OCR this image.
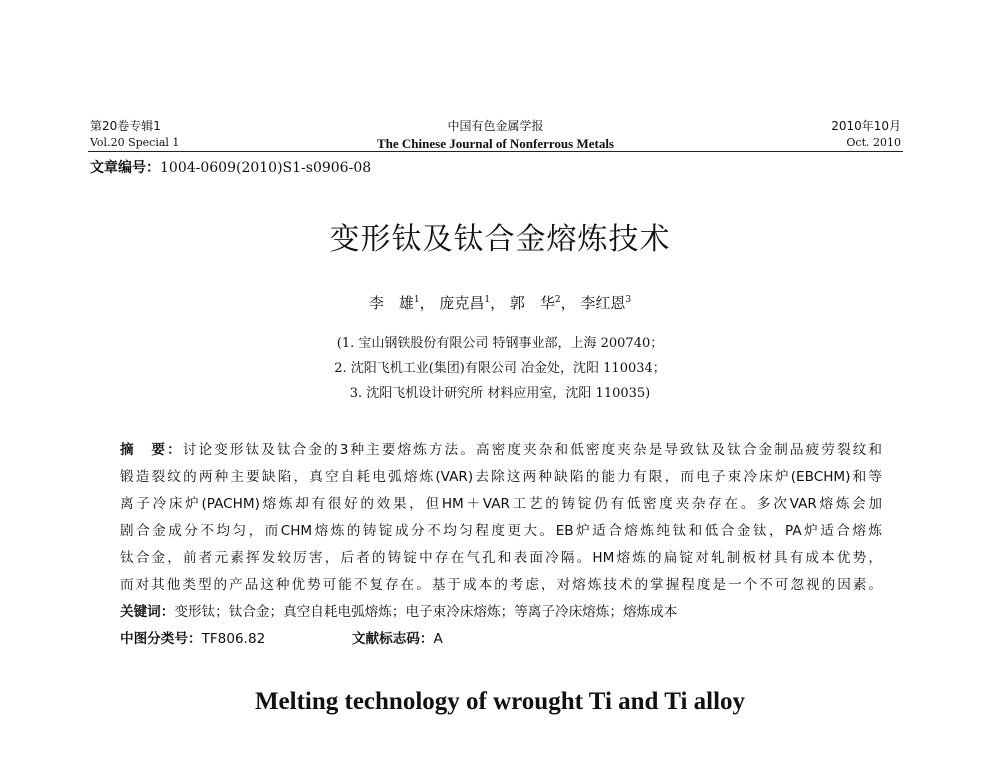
第20卷专辑1	中国有色金属学报	2010年10月
Vol.20 Special 1	The Chinese Journal of Nonferrous Metals	Oct. 2010
文章编号：1004-0609(2010)S1-s0906-08
变形钛及钛合金熔炼技术
李　雄$^1$， 庞克昌$^1$， 郭　华$^2$， 李红恩$^3$
(1. 宝山钢铁股份有限公司 特钢事业部，上海 200740；
2. 沈阳飞机工业(集团)有限公司 冶金处，沈阳 110034；
3. 沈阳飞机设计研究所 材料应用室，沈阳 110035)

摘　要：讨论变形钛及钛合金的3种主要熔炼方法。高密度夹杂和低密度夹杂是导致钛及钛合金制品疲劳裂纹和

锻造裂纹的两种主要缺陷，真空自耗电弧熔炼(VAR)去除这两种缺陷的能力有限，而电子束冷床炉(EBCHM)和等

离子冷床炉(PACHM)熔炼却有很好的效果，但HM＋VAR工艺的铸锭仍有低密度夹杂存在。多次VAR熔炼会加

剧合金成分不均匀，而CHM熔炼的铸锭成分不均匀程度更大。EB炉适合熔炼纯钛和低合金钛，PA炉适合熔炼

钛合金，前者元素挥发较厉害，后者的铸锭中存在气孔和表面冷隔。HM熔炼的扁锭对轧制板材具有成本优势，

而对其他类型的产品这种优势可能不复存在。基于成本的考虑，对熔炼技术的掌握程度是一个不可忽视的因素。

关键词：变形钛；钛合金；真空自耗电弧熔炼；电子束冷床熔炼；等离子冷床熔炼；熔炼成本
中图分类号：TF806.82	文献标志码：A
Melting technology of wrought Ti and Ti alloy
